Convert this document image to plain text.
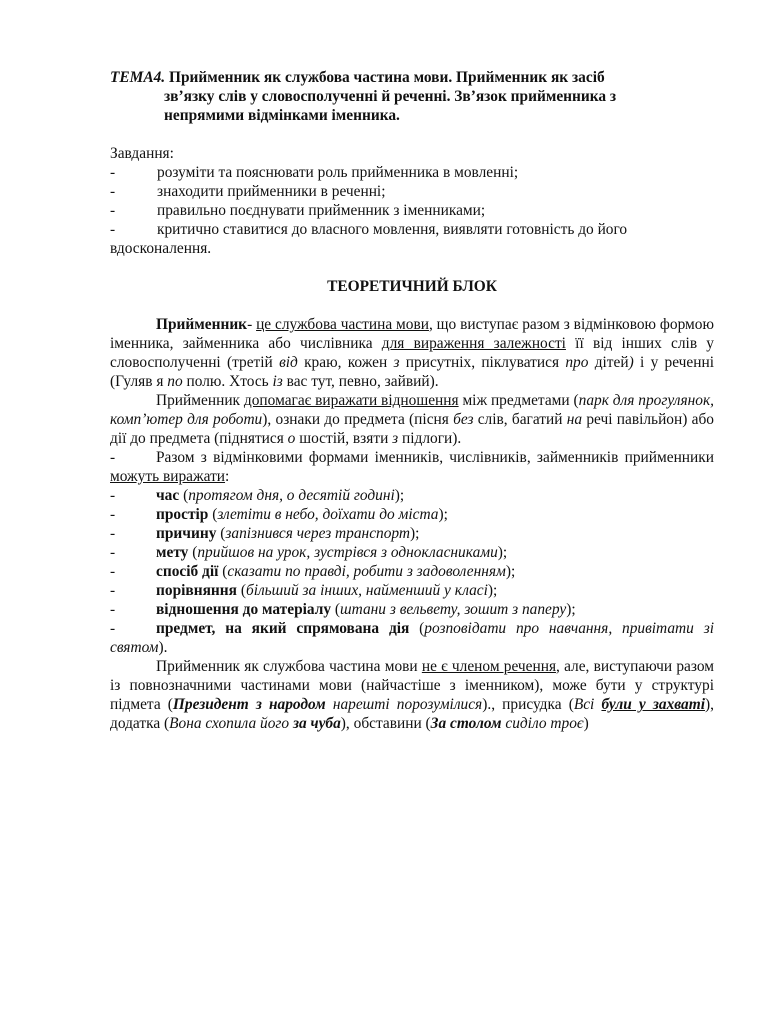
ТЕМА4. Прийменник як службова частина мови. Прийменник як засіб
зв’язку слів у словосполученні й реченні. Зв’язок прийменника з
непрямими відмінками іменника.

Завдання:
-	розуміти та пояснювати роль прийменника в мовленні;
-	знаходити прийменники в реченні;
-	правильно поєднувати прийменник з іменниками;
-	критично ставитися до власного мовлення, виявляти готовність до його
вдосконалення.
ТЕОРЕТИЧНИЙ БЛОК

Прийменник- це службова частина мови, що виступає разом з відмінковою формою іменника, займенника або числівника для вираження залежності її від інших слів у словосполученні (третій від краю, кожен з присутніх, піклуватися про дітей) і у реченні (Гуляв я по полю. Хтось із вас тут, певно, зайвий).

Прийменник допомагає виражати відношення між предметами (парк для прогулянок, комп’ютер для роботи), ознаки до предмета (пісня без слів, багатий на речі павільйон) або дії до предмета (піднятися о шостій, взяти з підлоги).

-	Разом з відмінковими формами іменників, числівників, займенників прийменники можуть виражати:
-	час (протягом дня, о десятій годині);
-	простір (злетіти в небо, доїхати до міста);
-	причину (запізнився через транспорт);
-	мету (прийшов на урок, зустрівся з однокласниками);
-	спосіб дії (сказати по правді, робити з задоволенням);
-	порівняння (більший за інших, найменший у класі);
-	відношення до матеріалу (штани з вельвету, зошит з паперу);
-	предмет, на який спрямована дія (розповідати про навчання, привітати зі святом).

Прийменник як службова частина мови не є членом речення, але, виступаючи разом із повнозначними частинами мови (найчастіше з іменником), може бути у структурі підмета (Президент з народом нарешті порозумілися)., присудка (Всі були у захваті), додатка (Вона схопила його за чуба), обставини (За столом сиділо троє)
